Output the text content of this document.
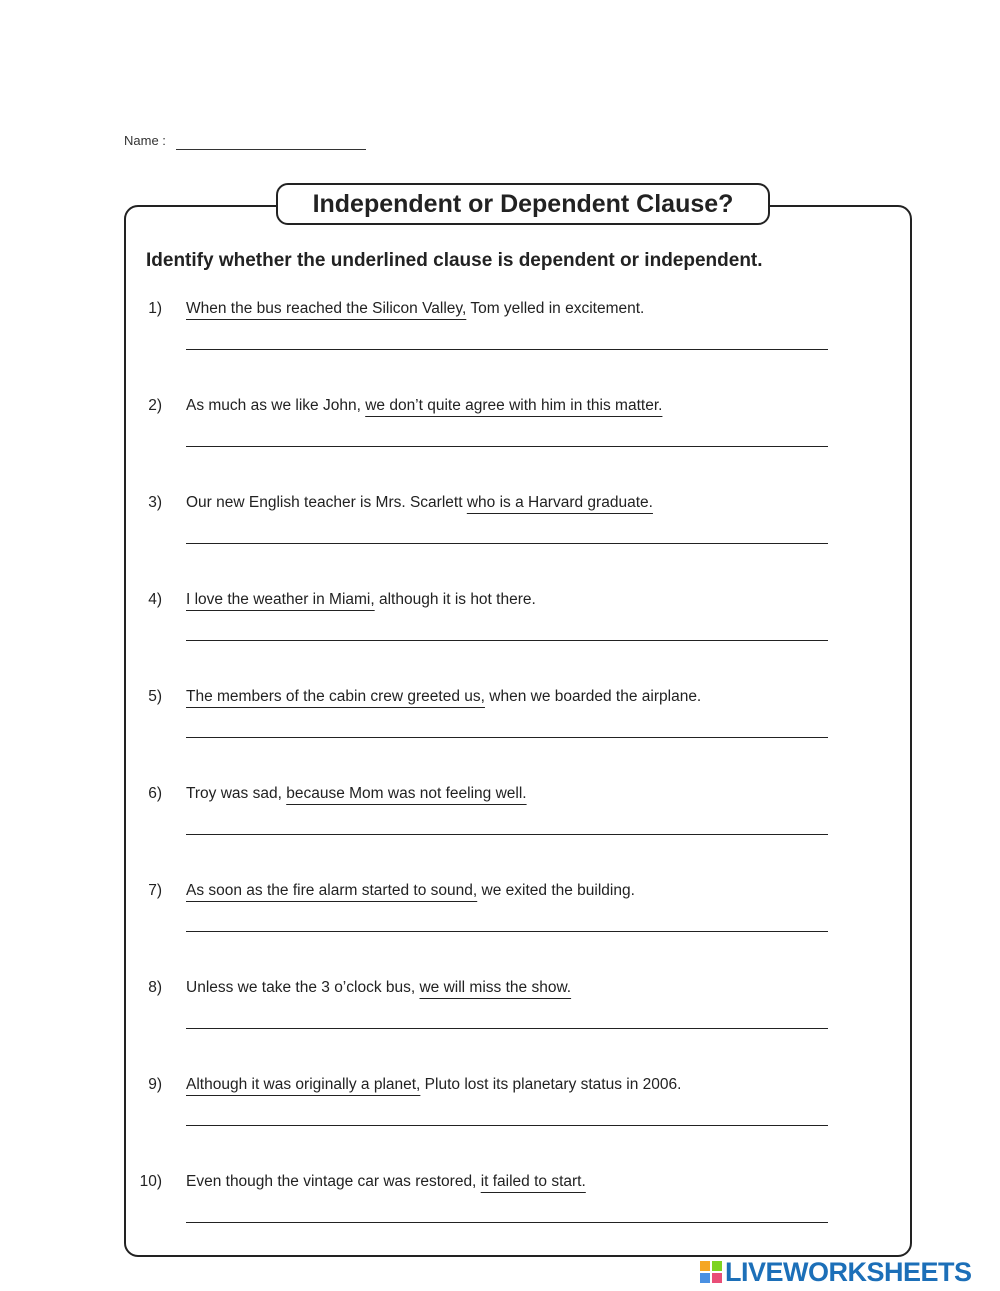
Name :
Independent or Dependent Clause?
Identify whether the underlined clause is dependent or independent.
1) When the bus reached the Silicon Valley, Tom yelled in excitement.
2) As much as we like John, we don’t quite agree with him in this matter.
3) Our new English teacher is Mrs. Scarlett who is a Harvard graduate.
4) I love the weather in Miami, although it is hot there.
5) The members of the cabin crew greeted us, when we boarded the airplane.
6) Troy was sad, because Mom was not feeling well.
7) As soon as the fire alarm started to sound, we exited the building.
8) Unless we take the 3 o’clock bus, we will miss the show.
9) Although it was originally a planet, Pluto lost its planetary status in 2006.
10) Even though the vintage car was restored, it failed to start.
LIVEWORKSHEETS
